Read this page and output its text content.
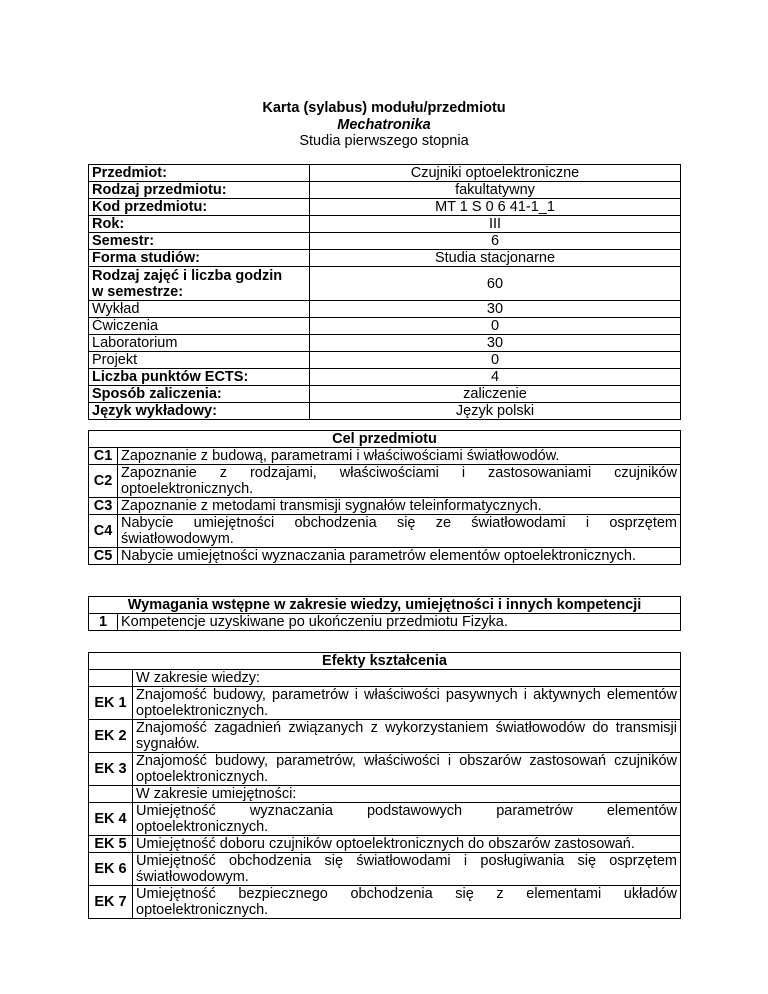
Karta (sylabus) modułu/przedmiotu
Mechatronika
Studia pierwszego stopnia
Przedmiot:	Czujniki optoelektroniczne
Rodzaj przedmiotu:	fakultatywny
Kod przedmiotu:	MT 1 S 0 6 41-1_1
Rok:	III
Semestr:	6
Forma studiów:	Studia stacjonarne

Rodzaj zajęć i liczba godzin
w semestrze:	60
Wykład	30
Ćwiczenia	0
Laboratorium	30
Projekt	0
Liczba punktów ECTS:	4
Sposób zaliczenia:	zaliczenie
Język wykładowy:	Język polski
Cel przedmiotu	
C1	Zapoznanie z budową, parametrami i właściwościami światłowodów.
C2	Zapoznanie z rodzajami, właściwościami i zastosowaniami czujników optoelektronicznych.
C3	Zapoznanie z metodami transmisji sygnałów teleinformatycznych.
C4	Nabycie umiejętności obchodzenia się ze światłowodami i osprzętem światłowodowym.
C5	Nabycie umiejętności wyznaczania parametrów elementów optoelektronicznych.
Wymagania wstępne w zakresie wiedzy, umiejętności i innych kompetencji
1	Kompetencje uzyskiwane po ukończeniu przedmiotu Fizyka.
Efekty kształcenia	
	W zakresie wiedzy:
EK 1	Znajomość budowy, parametrów i właściwości pasywnych i aktywnych elementów optoelektronicznych.
EK 2	Znajomość zagadnień związanych z wykorzystaniem światłowodów do transmisji sygnałów.
EK 3	Znajomość budowy, parametrów, właściwości i obszarów zastosowań czujników optoelektronicznych.
	W zakresie umiejętności:
EK 4	Umiejętność wyznaczania podstawowych parametrów elementów optoelektronicznych.
EK 5	Umiejętność doboru czujników optoelektronicznych do obszarów zastosowań.
EK 6	Umiejętność obchodzenia się światłowodami i posługiwania się osprzętem światłowodowym.
EK 7	Umiejętność bezpiecznego obchodzenia się z elementami układów optoelektronicznych.
